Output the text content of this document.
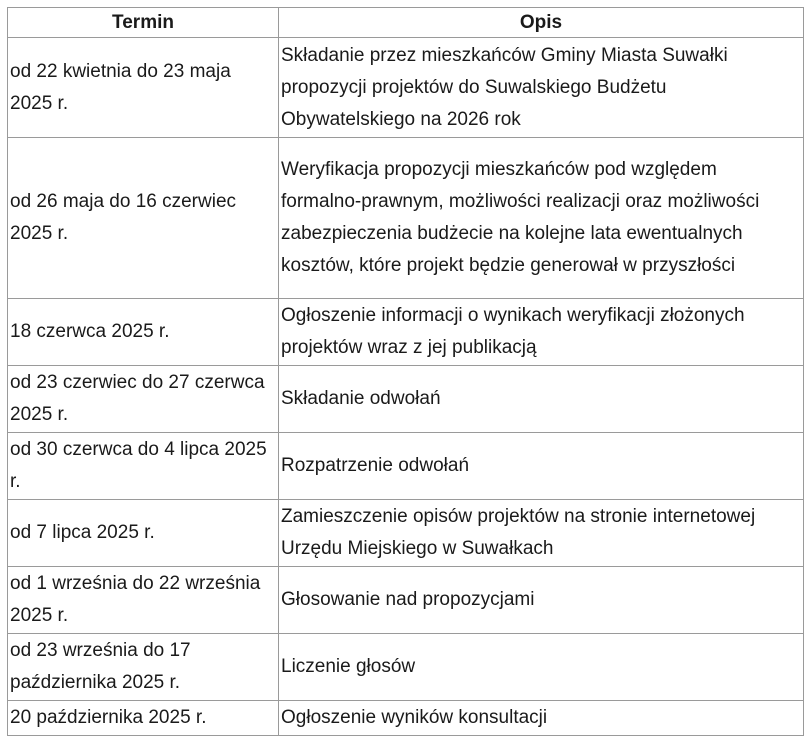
Termin	Opis
od 22 kwietnia do 23 maja 2025 r.	Składanie przez mieszkańców Gminy Miasta Suwałki propozycji projektów do Suwalskiego Budżetu Obywatelskiego na 2026 rok
od 26 maja do 16 czerwiec 2025 r.	Weryfikacja propozycji mieszkańców pod względem formalno-prawnym, możliwości realizacji oraz możliwości zabezpieczenia budżecie na kolejne lata ewentualnych kosztów, które projekt będzie generował w przyszłości
18 czerwca 2025 r.	Ogłoszenie informacji o wynikach weryfikacji złożonych projektów wraz z jej publikacją
od 23 czerwiec do 27 czerwca 2025 r.	Składanie odwołań
od 30 czerwca do 4 lipca 2025 r.	Rozpatrzenie odwołań
od 7 lipca 2025 r.	Zamieszczenie opisów projektów na stronie internetowej Urzędu Miejskiego w Suwałkach
od 1 września do 22 września 2025 r.	Głosowanie nad propozycjami
od 23 września do 17 października 2025 r.	Liczenie głosów
20 października 2025 r.	Ogłoszenie wyników konsultacji
